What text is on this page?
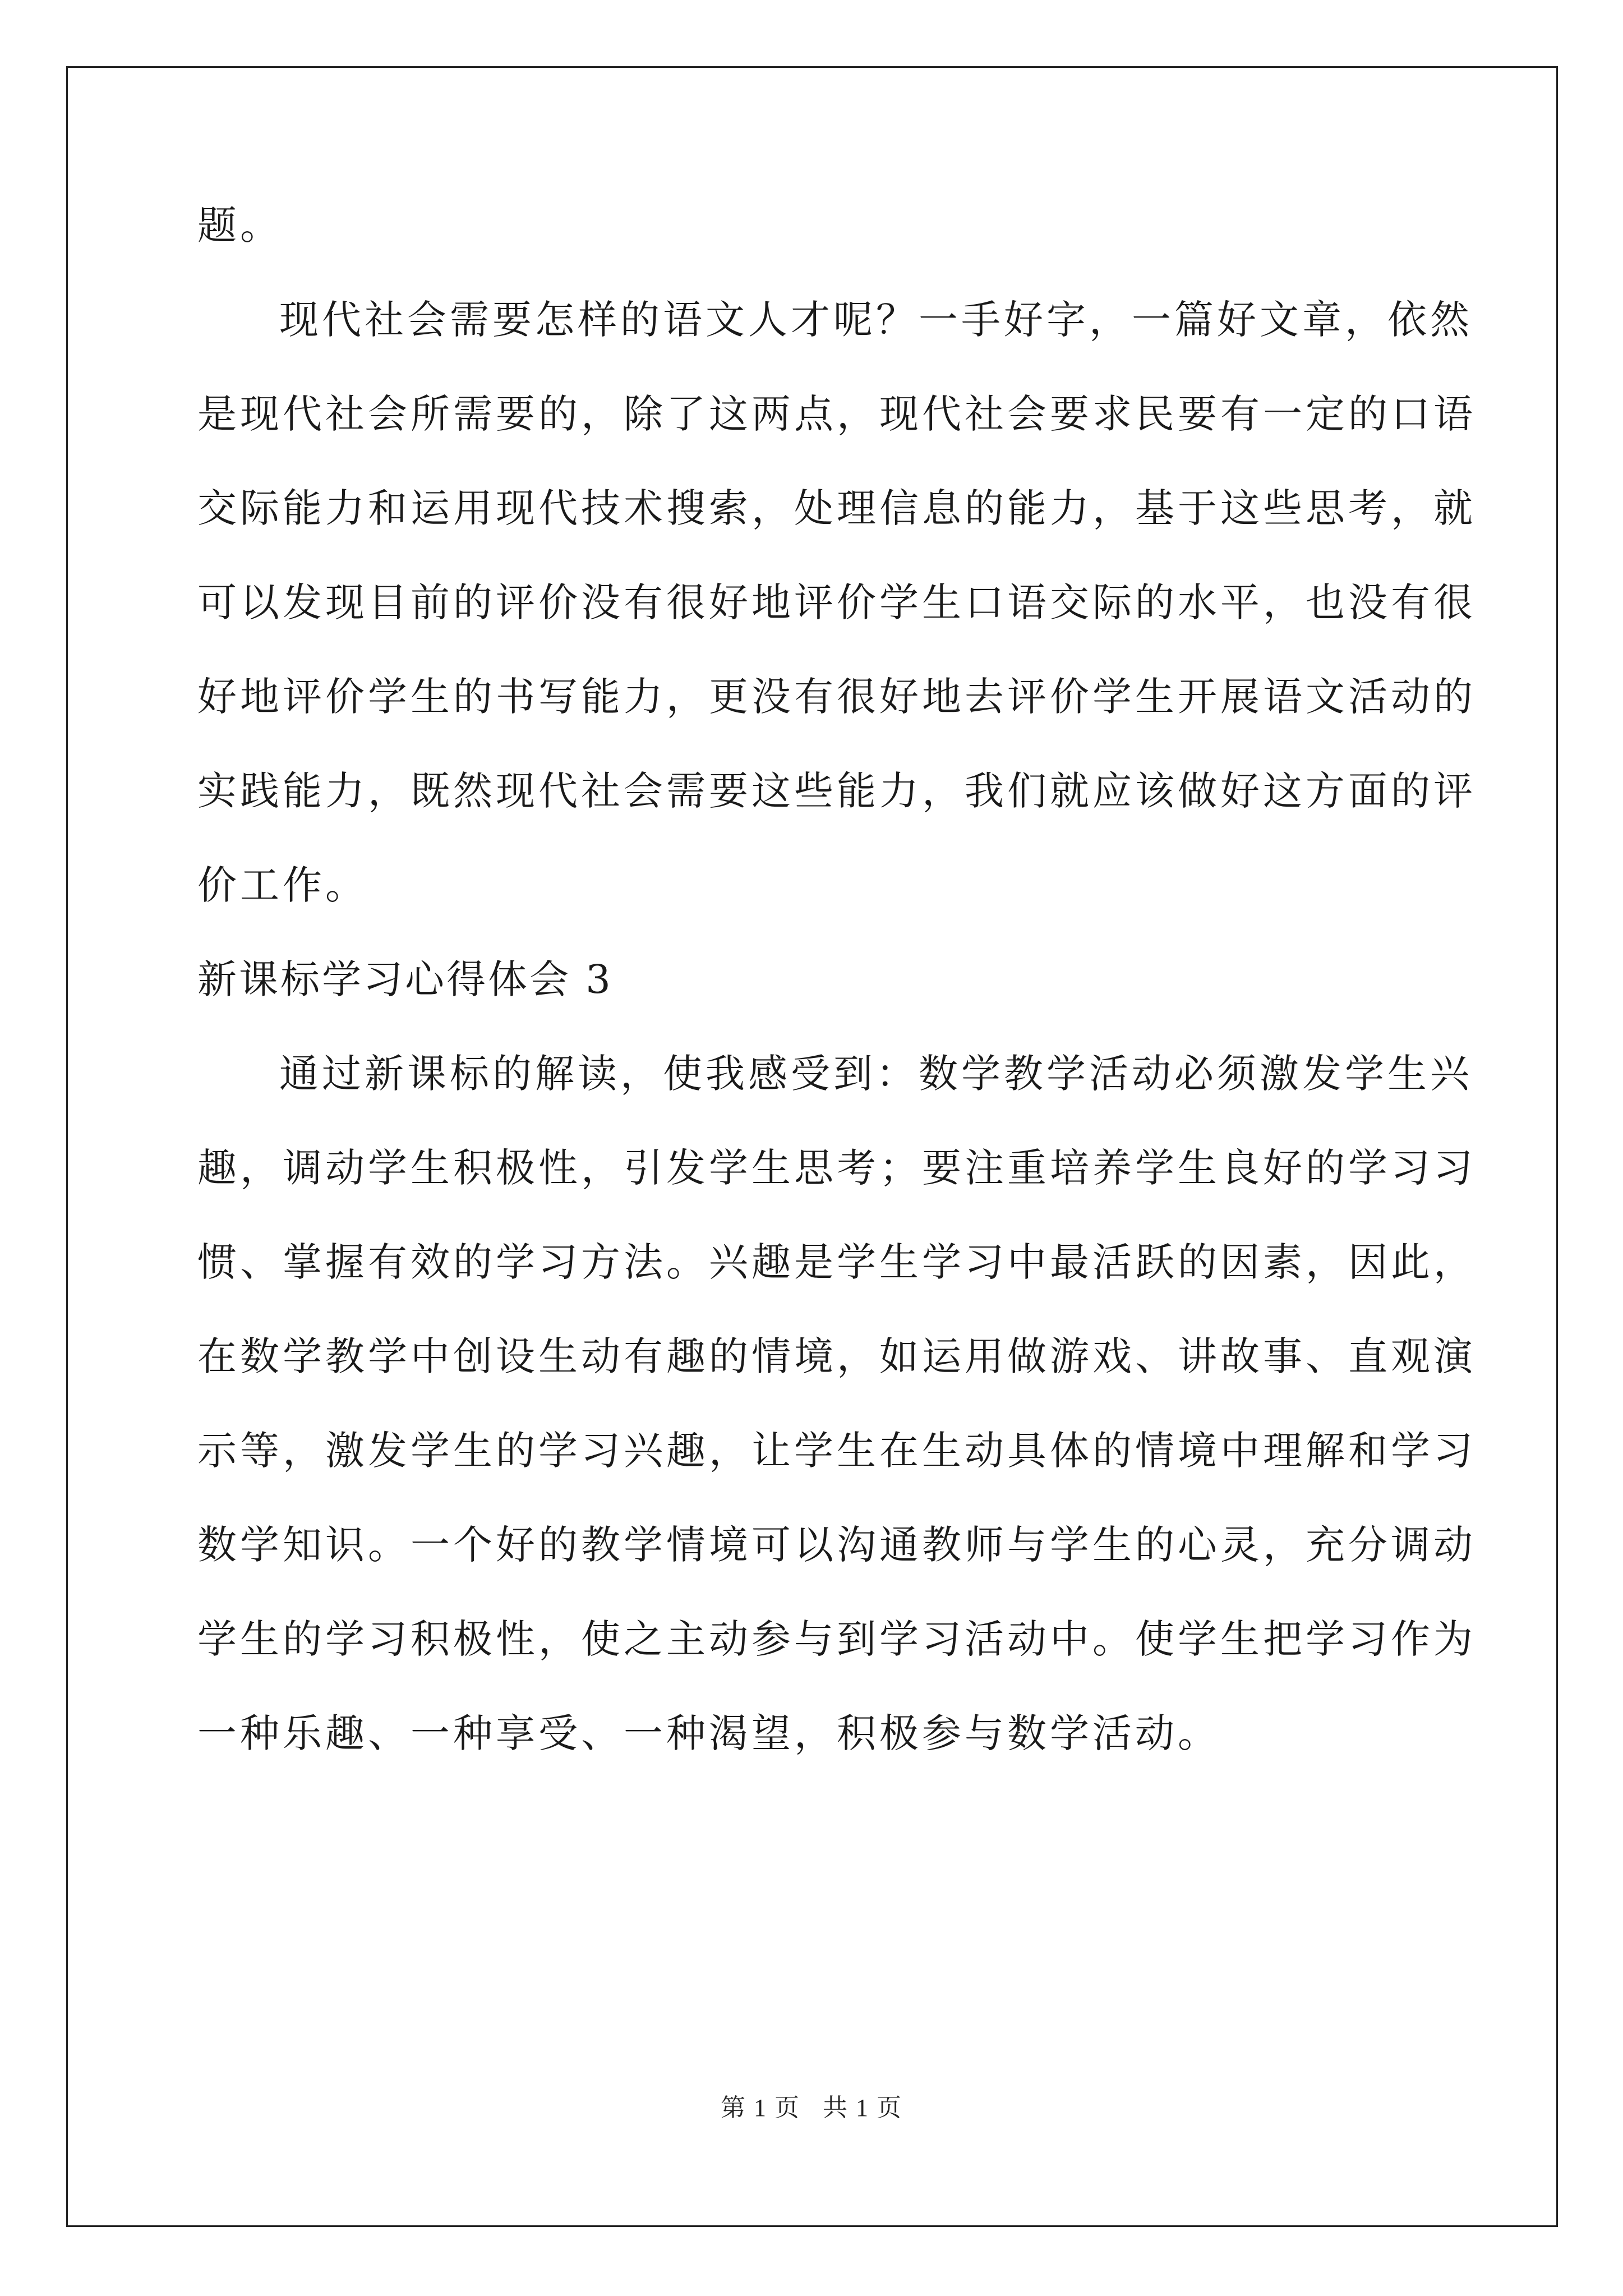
题。
现代社会需要怎样的语文人才呢？一手好字，一篇好文章，依然
是现代社会所需要的，除了这两点，现代社会要求民要有一定的口语
交际能力和运用现代技术搜索，处理信息的能力，基于这些思考，就
可以发现目前的评价没有很好地评价学生口语交际的水平，也没有很
好地评价学生的书写能力，更没有很好地去评价学生开展语文活动的
实践能力，既然现代社会需要这些能力，我们就应该做好这方面的评
价工作。
新课标学习心得体会 3
通过新课标的解读，使我感受到：数学教学活动必须激发学生兴
趣，调动学生积极性，引发学生思考；要注重培养学生良好的学习习
惯、掌握有效的学习方法。兴趣是学生学习中最活跃的因素，因此，
在数学教学中创设生动有趣的情境，如运用做游戏、讲故事、直观演
示等，激发学生的学习兴趣，让学生在生动具体的情境中理解和学习
数学知识。一个好的教学情境可以沟通教师与学生的心灵，充分调动
学生的学习积极性，使之主动参与到学习活动中。使学生把学习作为
一种乐趣、一种享受、一种渴望，积极参与数学活动。
第 1 页 共 1 页
